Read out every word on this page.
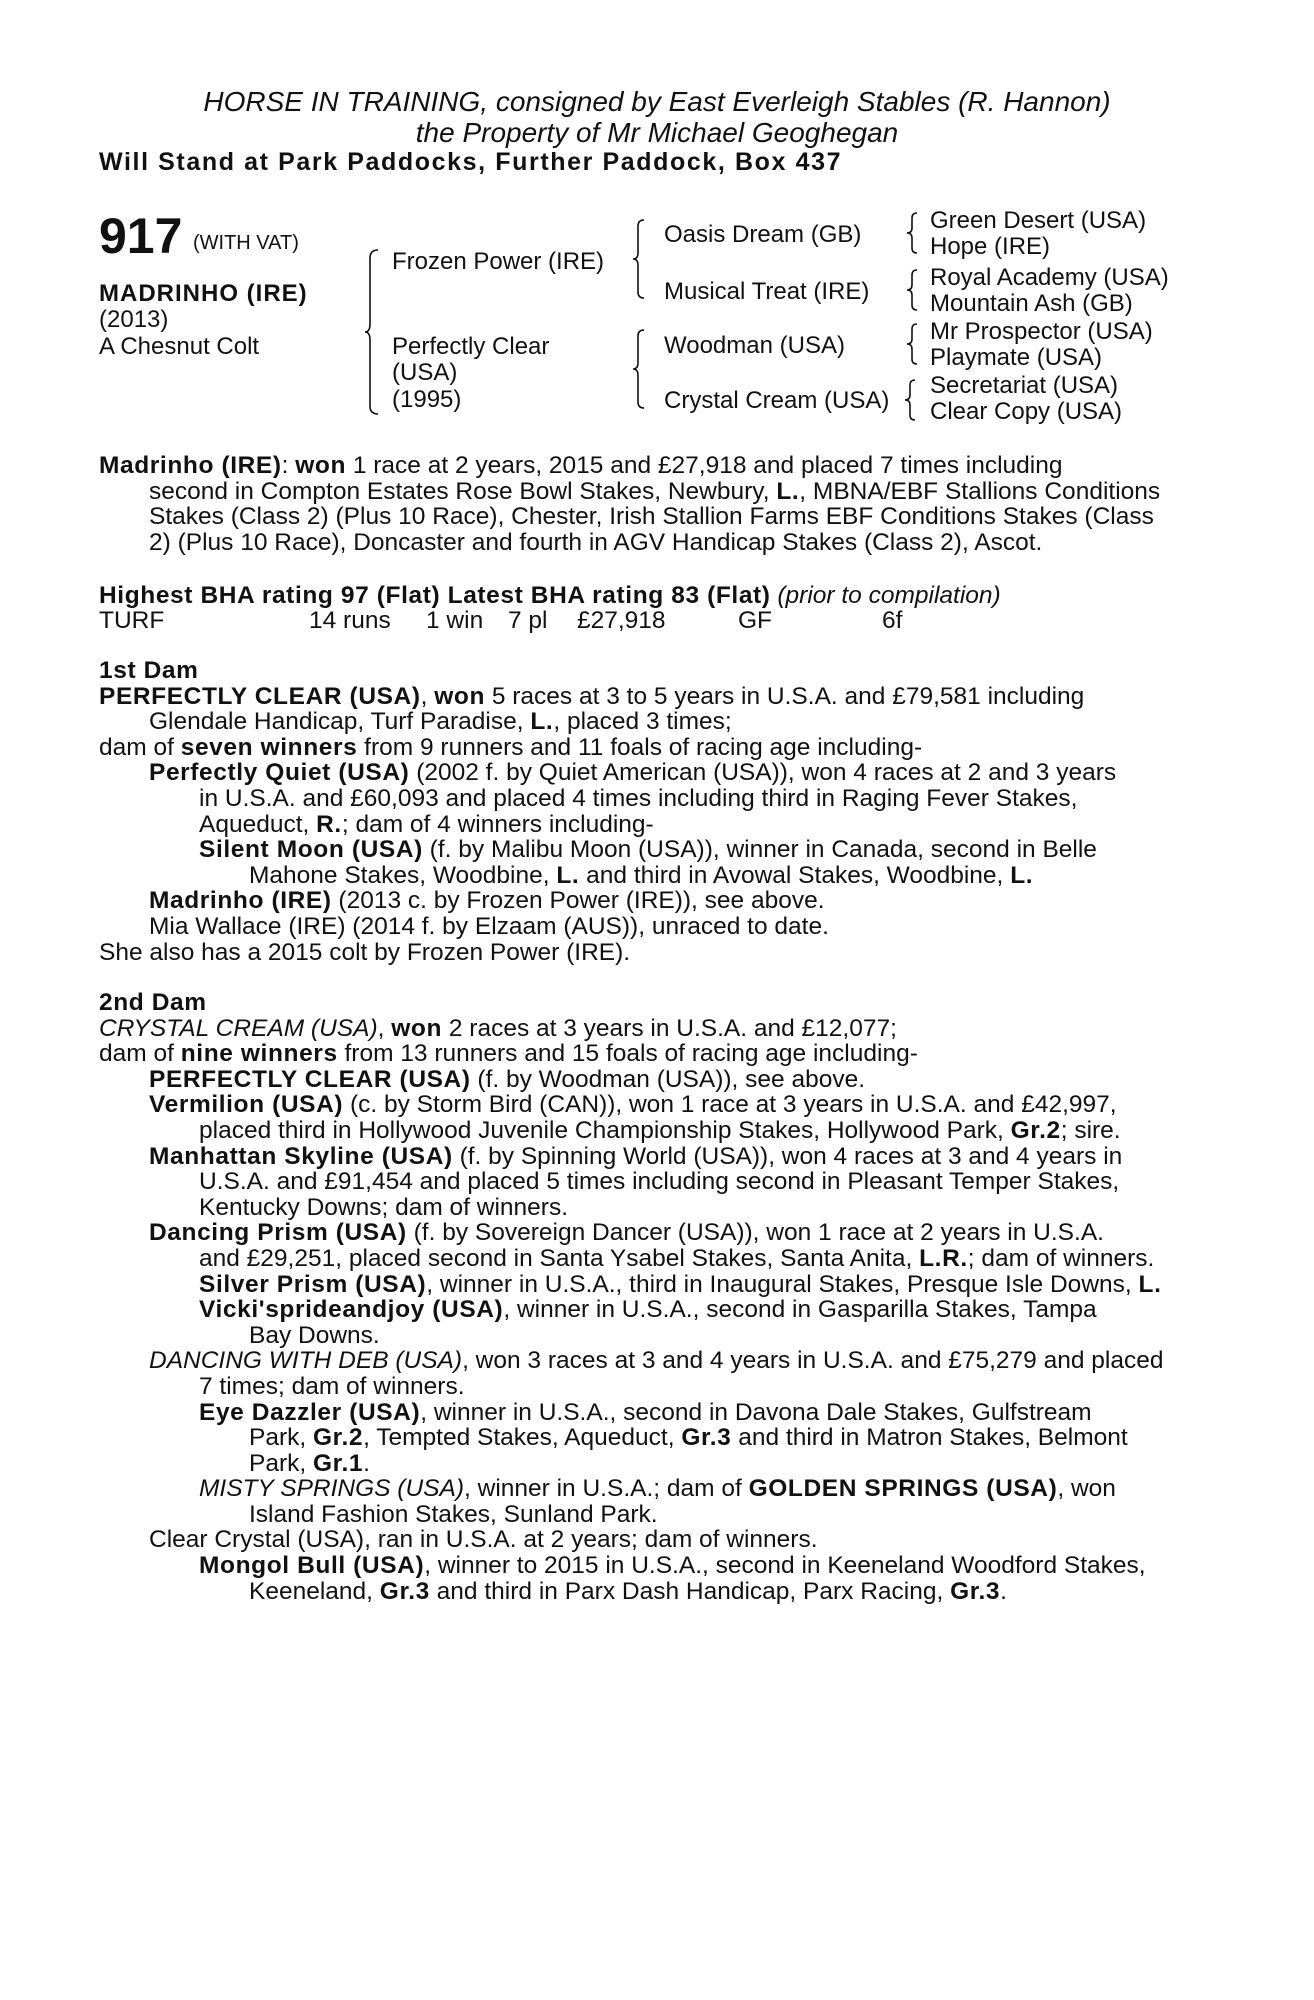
HORSE IN TRAINING, consigned by East Everleigh Stables (R. Hannon)
the Property of Mr Michael Geoghegan
Will Stand at Park Paddocks, Further Paddock, Box 437
917 (WITH VAT)
MADRINHO (IRE)
(2013)
A Chesnut Colt
Frozen Power (IRE)
Perfectly Clear
(USA)
(1995)
Oasis Dream (GB)
Musical Treat (IRE)
Woodman (USA)
Crystal Cream (USA)
Green Desert (USA)
Hope (IRE)
Royal Academy (USA)
Mountain Ash (GB)
Mr Prospector (USA)
Playmate (USA)
Secretariat (USA)
Clear Copy (USA)
Madrinho (IRE): won 1 race at 2 years, 2015 and £27,918 and placed 7 times including
second in Compton Estates Rose Bowl Stakes, Newbury, L., MBNA/EBF Stallions Conditions
Stakes (Class 2) (Plus 10 Race), Chester, Irish Stallion Farms EBF Conditions Stakes (Class
2) (Plus 10 Race), Doncaster and fourth in AGV Handicap Stakes (Class 2), Ascot.
Highest BHA rating 97 (Flat) Latest BHA rating 83 (Flat) (prior to compilation)
TURF	14 runs 1 win 7 pl £27,918	GF	6f
1st Dam
PERFECTLY CLEAR (USA), won 5 races at 3 to 5 years in U.S.A. and £79,581 including
Glendale Handicap, Turf Paradise, L., placed 3 times;
dam of seven winners from 9 runners and 11 foals of racing age including-
Perfectly Quiet (USA) (2002 f. by Quiet American (USA)), won 4 races at 2 and 3 years
in U.S.A. and £60,093 and placed 4 times including third in Raging Fever Stakes,
Aqueduct, R.; dam of 4 winners including-
Silent Moon (USA) (f. by Malibu Moon (USA)), winner in Canada, second in Belle
Mahone Stakes, Woodbine, L. and third in Avowal Stakes, Woodbine, L.
Madrinho (IRE) (2013 c. by Frozen Power (IRE)), see above.
Mia Wallace (IRE) (2014 f. by Elzaam (AUS)), unraced to date.
She also has a 2015 colt by Frozen Power (IRE).
2nd Dam
CRYSTAL CREAM (USA), won 2 races at 3 years in U.S.A. and £12,077;
dam of nine winners from 13 runners and 15 foals of racing age including-
PERFECTLY CLEAR (USA) (f. by Woodman (USA)), see above.
Vermilion (USA) (c. by Storm Bird (CAN)), won 1 race at 3 years in U.S.A. and £42,997,
placed third in Hollywood Juvenile Championship Stakes, Hollywood Park, Gr.2; sire.
Manhattan Skyline (USA) (f. by Spinning World (USA)), won 4 races at 3 and 4 years in
U.S.A. and £91,454 and placed 5 times including second in Pleasant Temper Stakes,
Kentucky Downs; dam of winners.
Dancing Prism (USA) (f. by Sovereign Dancer (USA)), won 1 race at 2 years in U.S.A.
and £29,251, placed second in Santa Ysabel Stakes, Santa Anita, L.R.; dam of winners.
Silver Prism (USA), winner in U.S.A., third in Inaugural Stakes, Presque Isle Downs, L.
Vicki'sprideandjoy (USA), winner in U.S.A., second in Gasparilla Stakes, Tampa
Bay Downs.
DANCING WITH DEB (USA), won 3 races at 3 and 4 years in U.S.A. and £75,279 and placed
7 times; dam of winners.
Eye Dazzler (USA), winner in U.S.A., second in Davona Dale Stakes, Gulfstream
Park, Gr.2, Tempted Stakes, Aqueduct, Gr.3 and third in Matron Stakes, Belmont
Park, Gr.1.
MISTY SPRINGS (USA), winner in U.S.A.; dam of GOLDEN SPRINGS (USA), won
Island Fashion Stakes, Sunland Park.
Clear Crystal (USA), ran in U.S.A. at 2 years; dam of winners.
Mongol Bull (USA), winner to 2015 in U.S.A., second in Keeneland Woodford Stakes,
Keeneland, Gr.3 and third in Parx Dash Handicap, Parx Racing, Gr.3.
